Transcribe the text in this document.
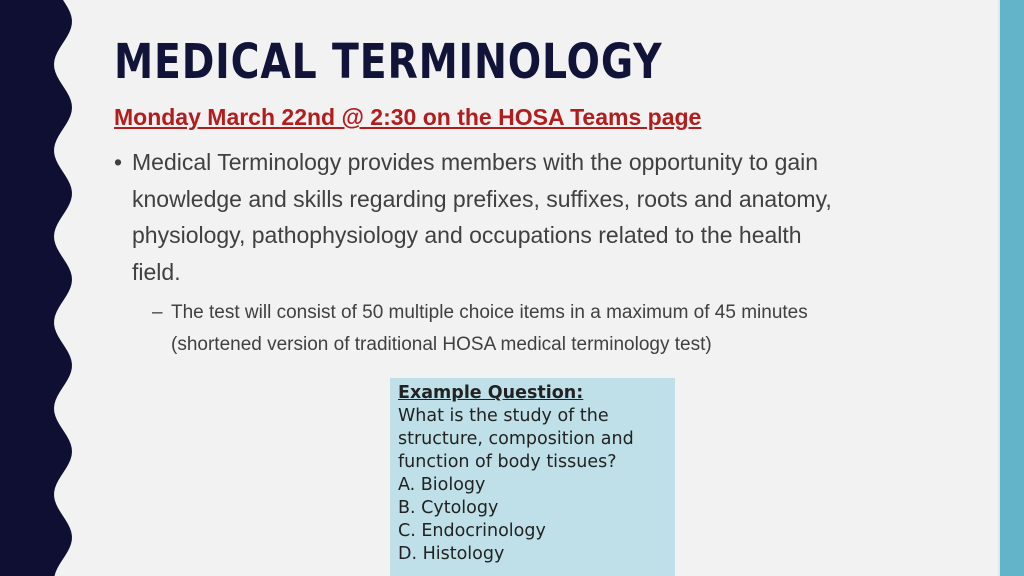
MEDICAL TERMINOLOGY
Monday March 22nd @ 2:30 on the HOSA Teams page
• Medical Terminology provides members with the opportunity to gain knowledge and skills regarding prefixes, suffixes, roots and anatomy, physiology, pathophysiology and occupations related to the health field.
– The test will consist of 50 multiple choice items in a maximum of 45 minutes (shortened version of traditional HOSA medical terminology test)
Example Question:
What is the study of the
structure, composition and
function of body tissues?
A. Biology
B. Cytology
C. Endocrinology
D. Histology
